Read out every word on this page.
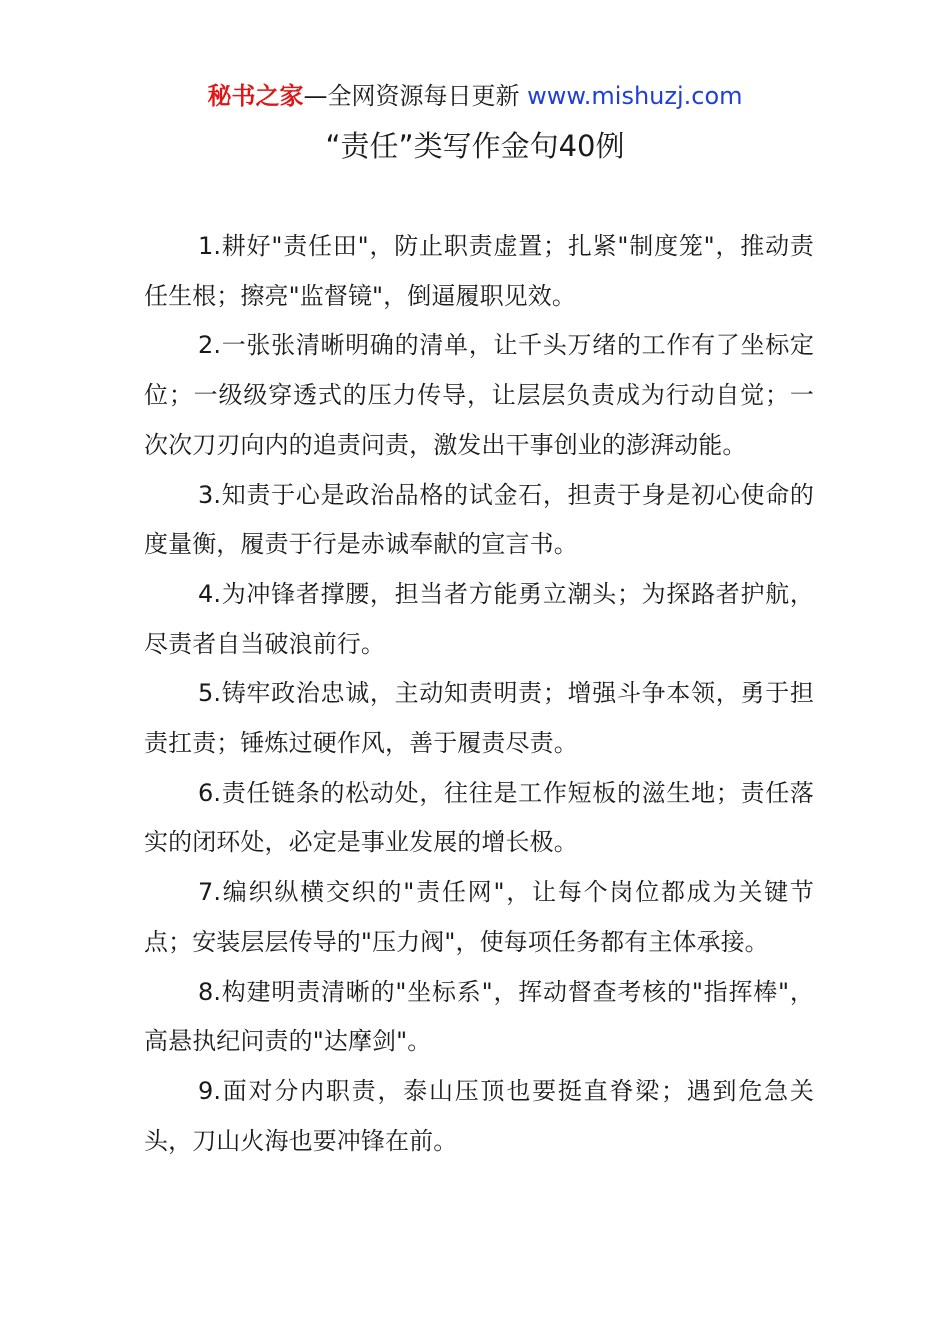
秘书之家—全网资源每日更新 www.mishuzj.com
“责任”类写作金句40例

1.耕好"责任田"，防止职责虚置；扎紧"制度笼"，推动责任生根；擦亮"监督镜"，倒逼履职见效。

2.一张张清晰明确的清单，让千头万绪的工作有了坐标定位；一级级穿透式的压力传导，让层层负责成为行动自觉；一次次刀刃向内的追责问责，激发出干事创业的澎湃动能。

3.知责于心是政治品格的试金石，担责于身是初心使命的度量衡，履责于行是赤诚奉献的宣言书。

4.为冲锋者撑腰，担当者方能勇立潮头；为探路者护航，尽责者自当破浪前行。

5.铸牢政治忠诚，主动知责明责；增强斗争本领，勇于担责扛责；锤炼过硬作风，善于履责尽责。

6.责任链条的松动处，往往是工作短板的滋生地；责任落实的闭环处，必定是事业发展的增长极。

7.编织纵横交织的"责任网"，让每个岗位都成为关键节点；安装层层传导的"压力阀"，使每项任务都有主体承接。

8.构建明责清晰的"坐标系"，挥动督查考核的"指挥棒"，高悬执纪问责的"达摩剑"。

9.面对分内职责，泰山压顶也要挺直脊梁；遇到危急关头，刀山火海也要冲锋在前。
